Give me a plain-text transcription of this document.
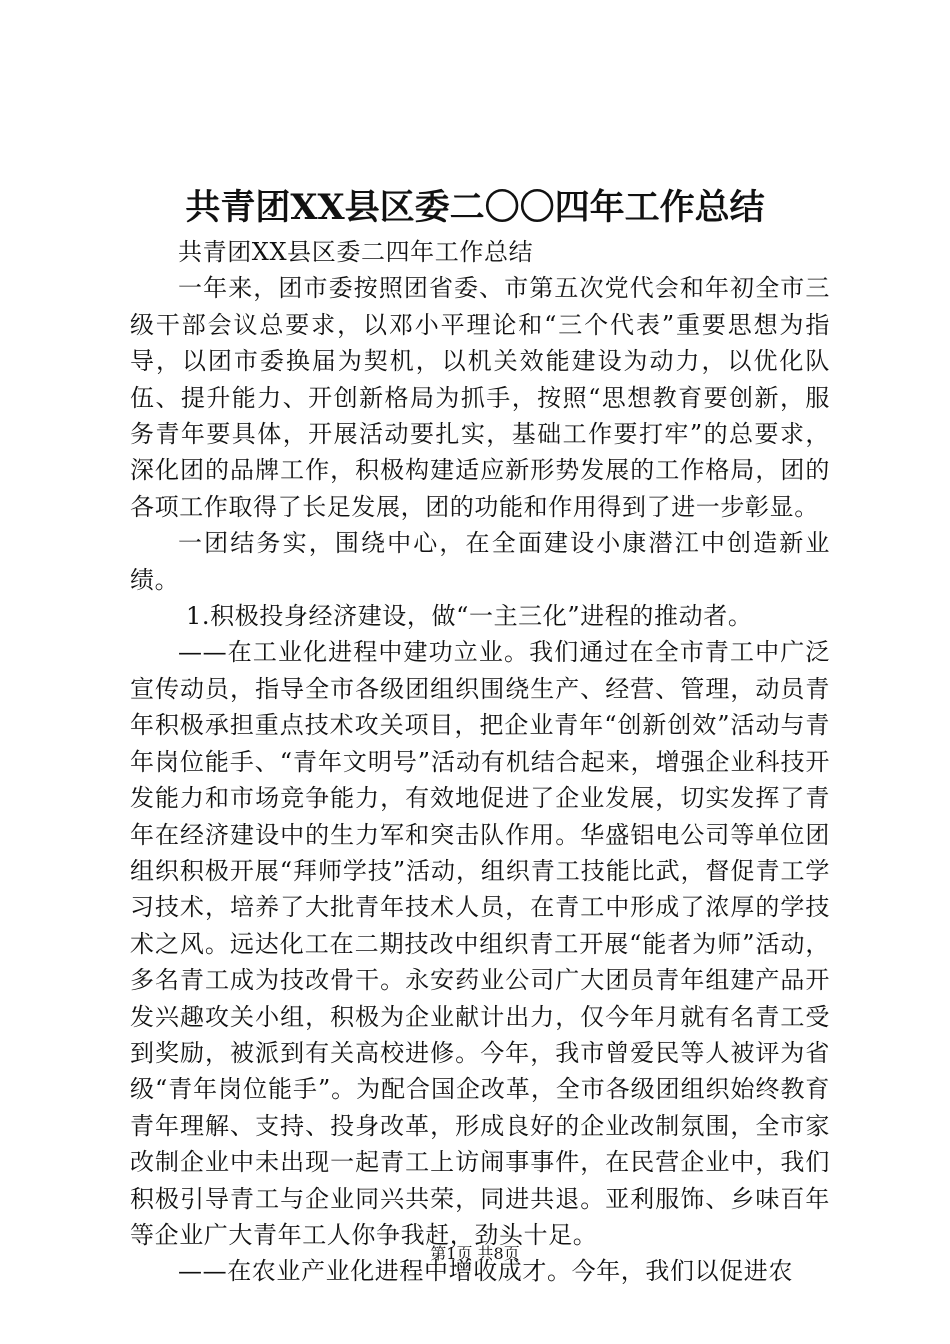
共青团XX县区委二〇〇四年工作总结

共青团XX县区委二四年工作总结

一年来，团市委按照团省委、市第五次党代会和年初全市三级干部会议总要求，以邓小平理论和“三个代表”重要思想为指导，以团市委换届为契机，以机关效能建设为动力，以优化队伍、提升能力、开创新格局为抓手，按照“思想教育要创新，服务青年要具体，开展活动要扎实，基础工作要打牢”的总要求，深化团的品牌工作，积极构建适应新形势发展的工作格局，团的各项工作取得了长足发展，团的功能和作用得到了进一步彰显。

一团结务实，围绕中心，在全面建设小康潜江中创造新业绩。

1.积极投身经济建设，做“一主三化”进程的推动者。

——在工业化进程中建功立业。我们通过在全市青工中广泛宣传动员，指导全市各级团组织围绕生产、经营、管理，动员青年积极承担重点技术攻关项目，把企业青年“创新创效”活动与青年岗位能手、“青年文明号”活动有机结合起来，增强企业科技开发能力和市场竞争能力，有效地促进了企业发展，切实发挥了青年在经济建设中的生力军和突击队作用。华盛铝电公司等单位团组织积极开展“拜师学技”活动，组织青工技能比武，督促青工学习技术，培养了大批青年技术人员，在青工中形成了浓厚的学技术之风。远达化工在二期技改中组织青工开展“能者为师”活动，多名青工成为技改骨干。永安药业公司广大团员青年组建产品开发兴趣攻关小组，积极为企业献计出力，仅今年月就有名青工受到奖励，被派到有关高校进修。今年，我市曾爱民等人被评为省级“青年岗位能手”。为配合国企改革，全市各级团组织始终教育青年理解、支持、投身改革，形成良好的企业改制氛围，全市家改制企业中未出现一起青工上访闹事事件，在民营企业中，我们积极引导青工与企业同兴共荣，同进共退。亚利服饰、乡味百年等企业广大青年工人你争我赶，劲头十足。

——在农业产业化进程中增收成才。今年，我们以促进农

第1页 共8页
